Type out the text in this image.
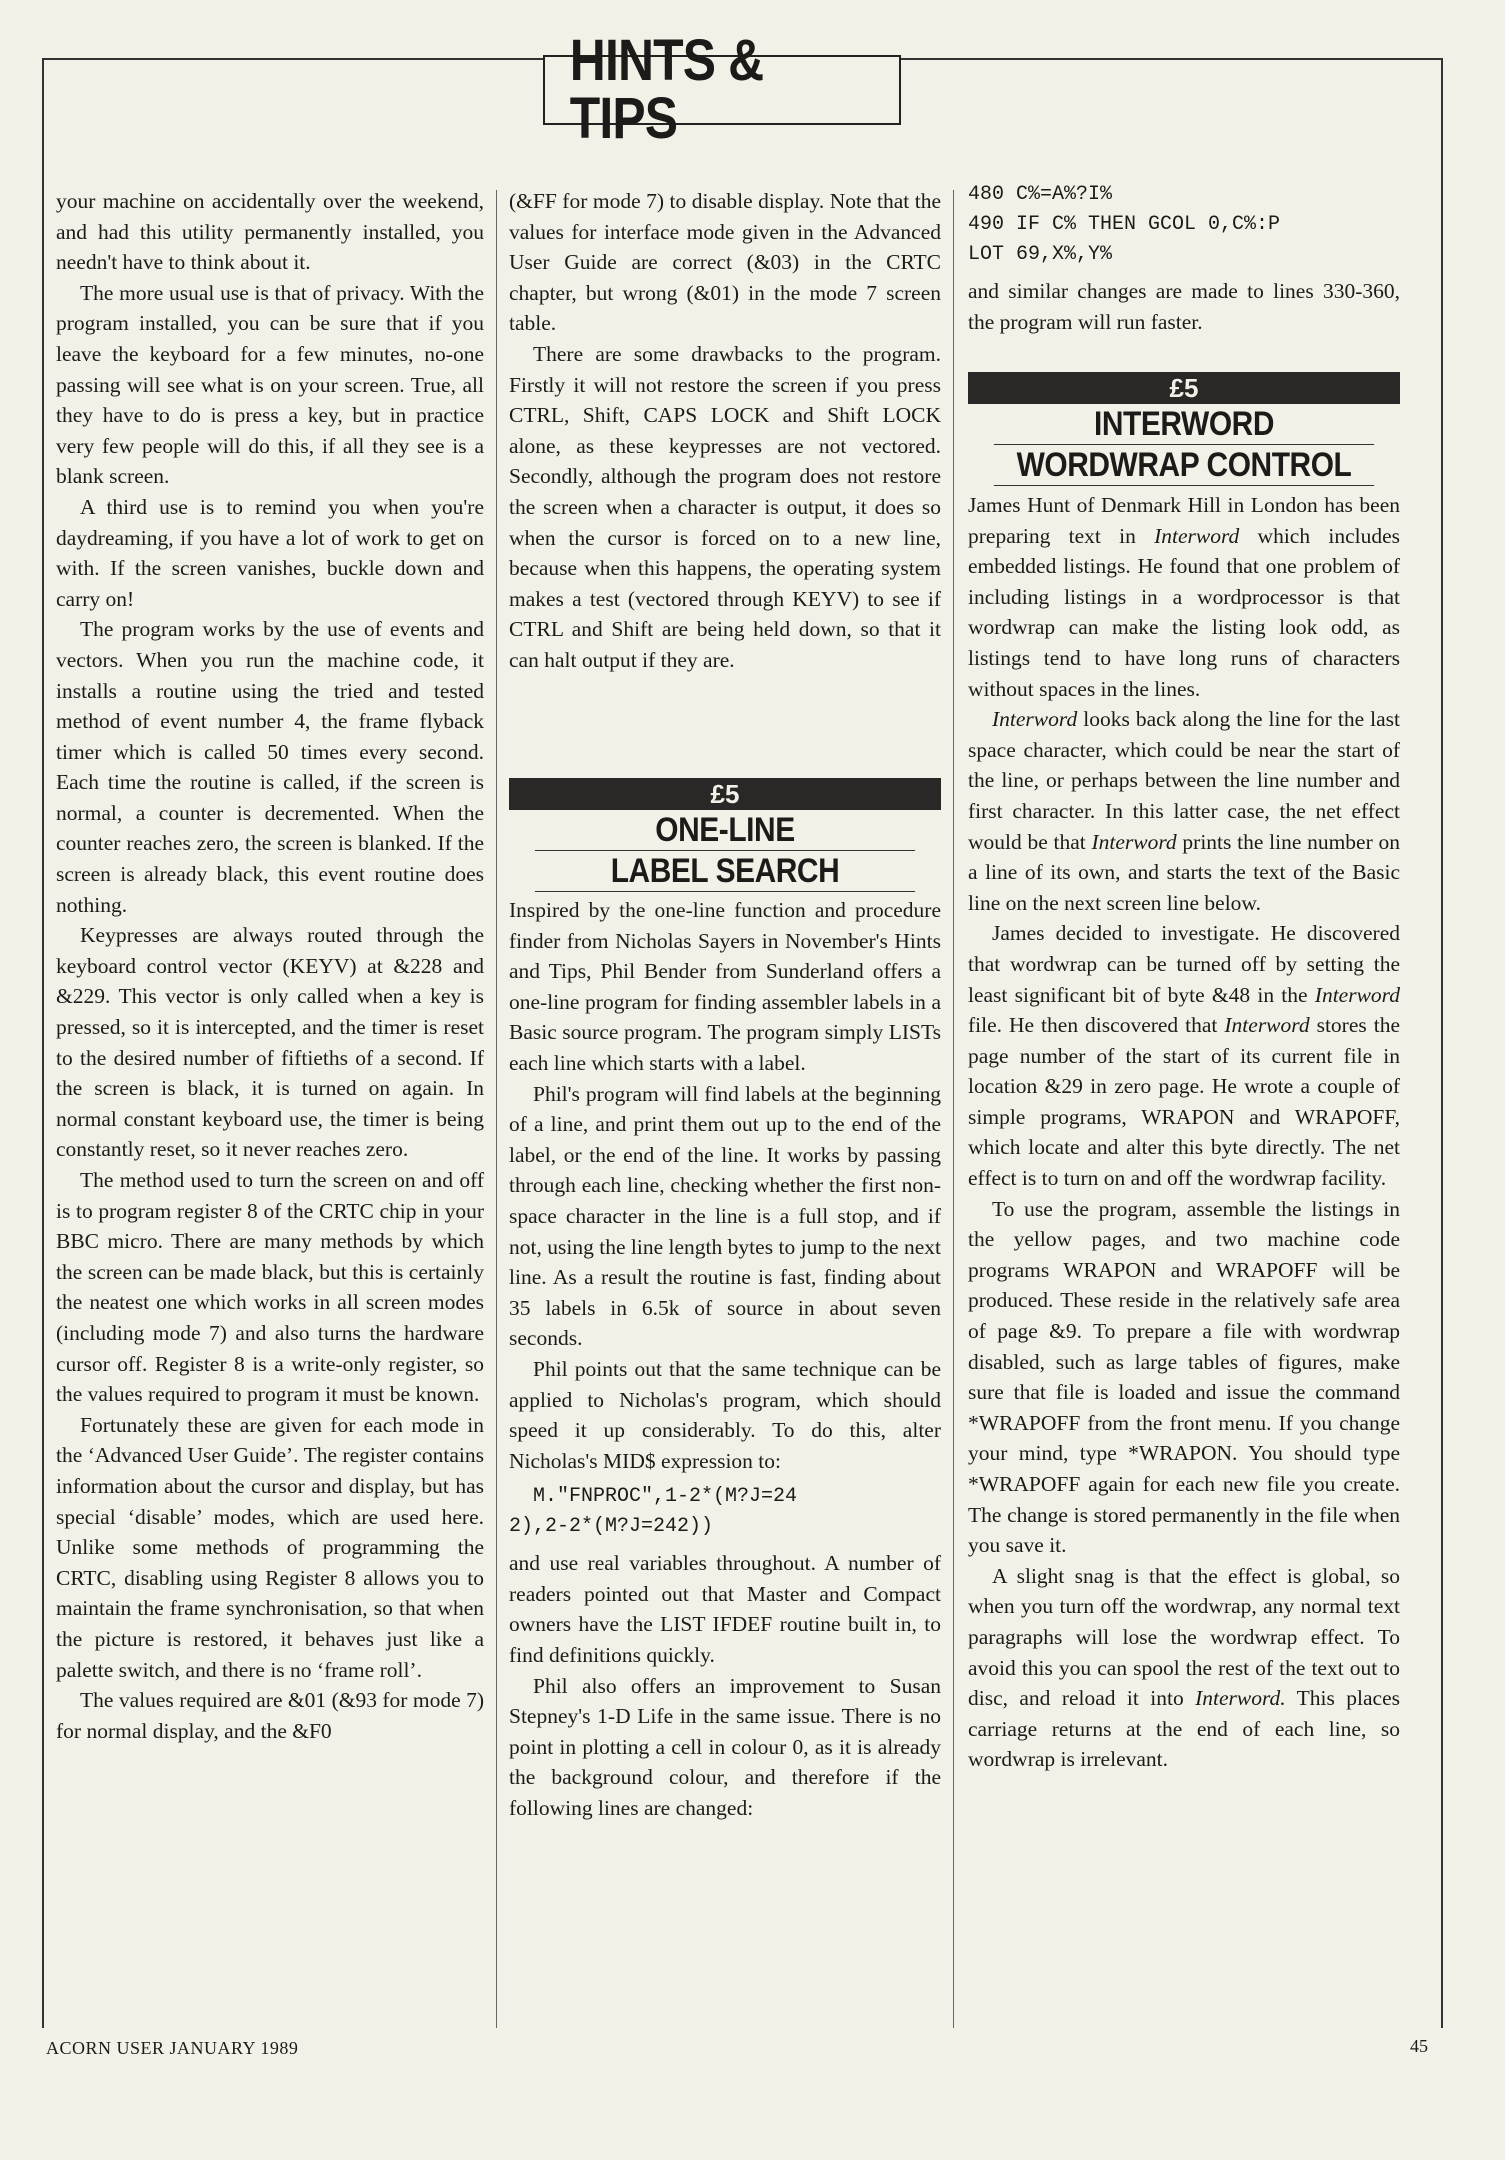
HINTS & TIPS

your machine on accidentally over the weekend, and had this utility permanently installed, you needn't have to think about it.

The more usual use is that of privacy. With the program installed, you can be sure that if you leave the keyboard for a few minutes, no-one passing will see what is on your screen. True, all they have to do is press a key, but in practice very few people will do this, if all they see is a blank screen.

A third use is to remind you when you're daydreaming, if you have a lot of work to get on with. If the screen vanishes, buckle down and carry on!

The program works by the use of events and vectors. When you run the machine code, it installs a routine using the tried and tested method of event number 4, the frame flyback timer which is called 50 times every second. Each time the routine is called, if the screen is normal, a counter is decremented. When the counter reaches zero, the screen is blanked. If the screen is already black, this event routine does nothing.

Keypresses are always routed through the keyboard control vector (KEYV) at &228 and &229. This vector is only called when a key is pressed, so it is intercepted, and the timer is reset to the desired number of fiftieths of a second. If the screen is black, it is turned on again. In normal constant keyboard use, the timer is being constantly reset, so it never reaches zero.

The method used to turn the screen on and off is to program register 8 of the CRTC chip in your BBC micro. There are many methods by which the screen can be made black, but this is certainly the neatest one which works in all screen modes (including mode 7) and also turns the hardware cursor off. Register 8 is a write-only register, so the values required to program it must be known.

Fortunately these are given for each mode in the ‘Advanced User Guide’. The register contains information about the cursor and display, but has special ‘disable’ modes, which are used here. Unlike some methods of programming the CRTC, disabling using Register 8 allows you to maintain the frame synchronisation, so that when the picture is restored, it behaves just like a palette switch, and there is no ‘frame roll’.

The values required are &01 (&93 for mode 7) for normal display, and the &F0

(&FF for mode 7) to disable display. Note that the values for interface mode given in the Advanced User Guide are correct (&03) in the CRTC chapter, but wrong (&01) in the mode 7 screen table.

There are some drawbacks to the program. Firstly it will not restore the screen if you press CTRL, Shift, CAPS LOCK and Shift LOCK alone, as these keypresses are not vectored. Secondly, although the program does not restore the screen when a character is output, it does so when the cursor is forced on to a new line, because when this happens, the operating system makes a test (vectored through KEYV) to see if CTRL and Shift are being held down, so that it can halt output if they are.

£5
ONE-LINE
LABEL SEARCH

Inspired by the one-line function and procedure finder from Nicholas Sayers in November's Hints and Tips, Phil Bender from Sunderland offers a one-line program for finding assembler labels in a Basic source program. The program simply LISTs each line which starts with a label.

Phil's program will find labels at the beginning of a line, and print them out up to the end of the label, or the end of the line. It works by passing through each line, checking whether the first non-space character in the line is a full stop, and if not, using the line length bytes to jump to the next line. As a result the routine is fast, finding about 35 labels in 6.5k of source in about seven seconds.

Phil points out that the same technique can be applied to Nicholas's program, which should speed it up considerably. To do this, alter Nicholas's MID$ expression to:

M."FNPROC",1-2*(M?J=24
2),2-2*(M?J=242))

and use real variables throughout. A number of readers pointed out that Master and Compact owners have the LIST IFDEF routine built in, to find definitions quickly.

Phil also offers an improvement to Susan Stepney's 1-D Life in the same issue. There is no point in plotting a cell in colour 0, as it is already the background colour, and therefore if the following lines are changed:

480 C%=A%?I%
490 IF C% THEN GCOL 0,C%:P
LOT 69,X%,Y%

and similar changes are made to lines 330-360, the program will run faster.

£5
INTERWORD
WORDWRAP CONTROL

James Hunt of Denmark Hill in London has been preparing text in Interword which includes embedded listings. He found that one problem of including listings in a wordprocessor is that wordwrap can make the listing look odd, as listings tend to have long runs of characters without spaces in the lines.

Interword looks back along the line for the last space character, which could be near the start of the line, or perhaps between the line number and first character. In this latter case, the net effect would be that Interword prints the line number on a line of its own, and starts the text of the Basic line on the next screen line below.

James decided to investigate. He discovered that wordwrap can be turned off by setting the least significant bit of byte &48 in the Interword file. He then discovered that Interword stores the page number of the start of its current file in location &29 in zero page. He wrote a couple of simple programs, WRAPON and WRAPOFF, which locate and alter this byte directly. The net effect is to turn on and off the wordwrap facility.

To use the program, assemble the listings in the yellow pages, and two machine code programs WRAPON and WRAPOFF will be produced. These reside in the relatively safe area of page &9. To prepare a file with wordwrap disabled, such as large tables of figures, make sure that file is loaded and issue the command *WRAPOFF from the front menu. If you change your mind, type *WRAPON. You should type *WRAPOFF again for each new file you create. The change is stored permanently in the file when you save it.

A slight snag is that the effect is global, so when you turn off the wordwrap, any normal text paragraphs will lose the wordwrap effect. To avoid this you can spool the rest of the text out to disc, and reload it into Interword. This places carriage returns at the end of each line, so wordwrap is irrelevant.

ACORN USER JANUARY 1989	45
